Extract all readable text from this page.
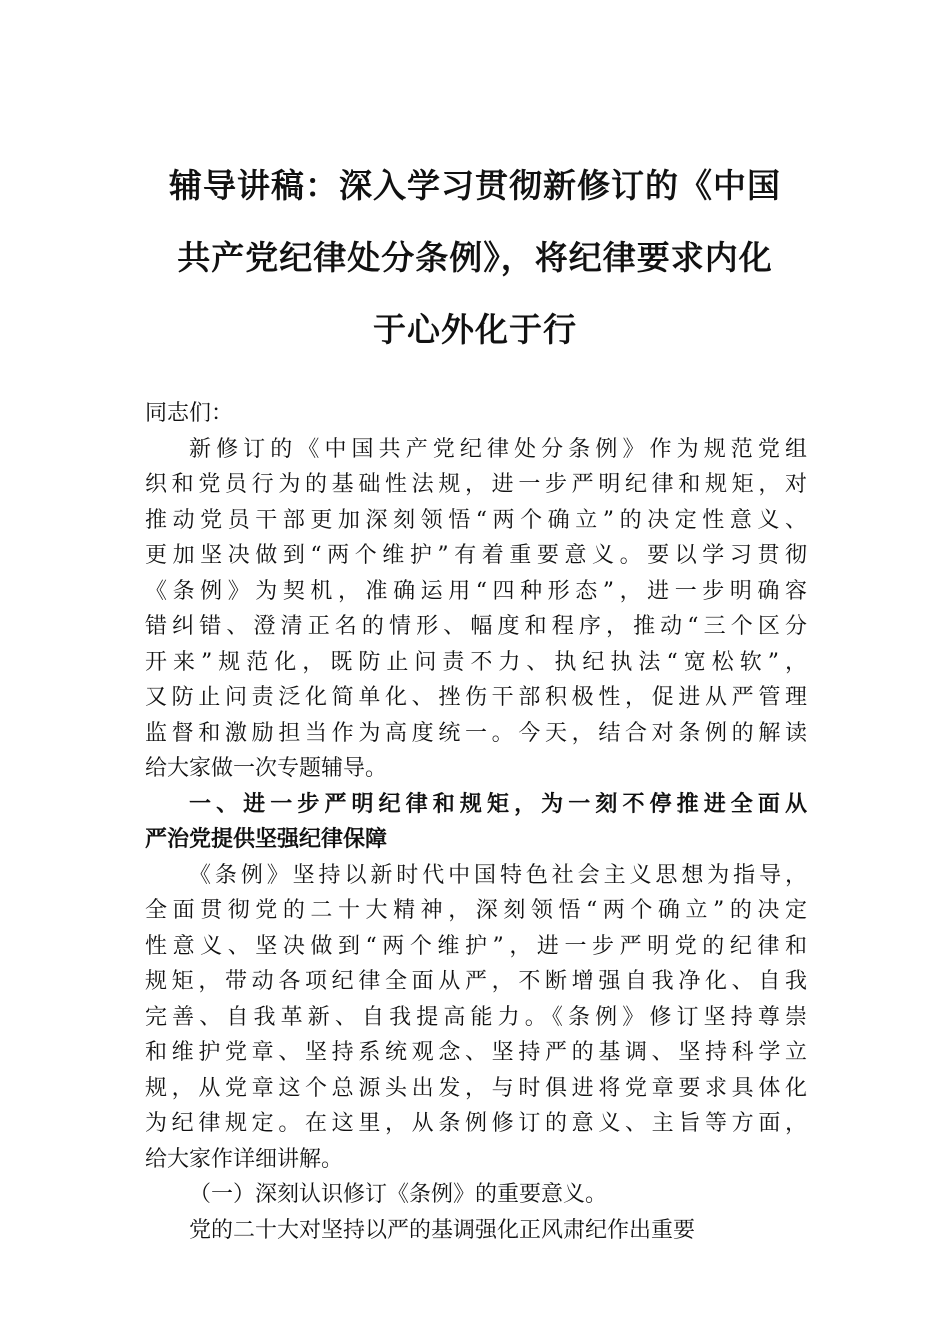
辅导讲稿：深入学习贯彻新修订的《中国
共产党纪律处分条例》，将纪律要求内化
于心外化于行
同志们：
新修订的《中国共产党纪律处分条例》作为规范党组
织和党员行为的基础性法规，进一步严明纪律和规矩，对
推动党员干部更加深刻领悟“两个确立”的决定性意义、
更加坚决做到“两个维护”有着重要意义。要以学习贯彻
《条例》为契机，准确运用“四种形态”，进一步明确容
错纠错、澄清正名的情形、幅度和程序，推动“三个区分
开来”规范化，既防止问责不力、执纪执法“宽松软”，
又防止问责泛化简单化、挫伤干部积极性，促进从严管理
监督和激励担当作为高度统一。今天，结合对条例的解读
给大家做一次专题辅导。
一、进一步严明纪律和规矩，为一刻不停推进全面从
严治党提供坚强纪律保障
《条例》坚持以新时代中国特色社会主义思想为指导，
全面贯彻党的二十大精神，深刻领悟“两个确立”的决定
性意义、坚决做到“两个维护”，进一步严明党的纪律和
规矩，带动各项纪律全面从严，不断增强自我净化、自我
完善、自我革新、自我提高能力。《条例》修订坚持尊崇
和维护党章、坚持系统观念、坚持严的基调、坚持科学立
规，从党章这个总源头出发，与时俱进将党章要求具体化
为纪律规定。在这里，从条例修订的意义、主旨等方面，
给大家作详细讲解。
（一）深刻认识修订《条例》的重要意义。
党的二十大对坚持以严的基调强化正风肃纪作出重要
